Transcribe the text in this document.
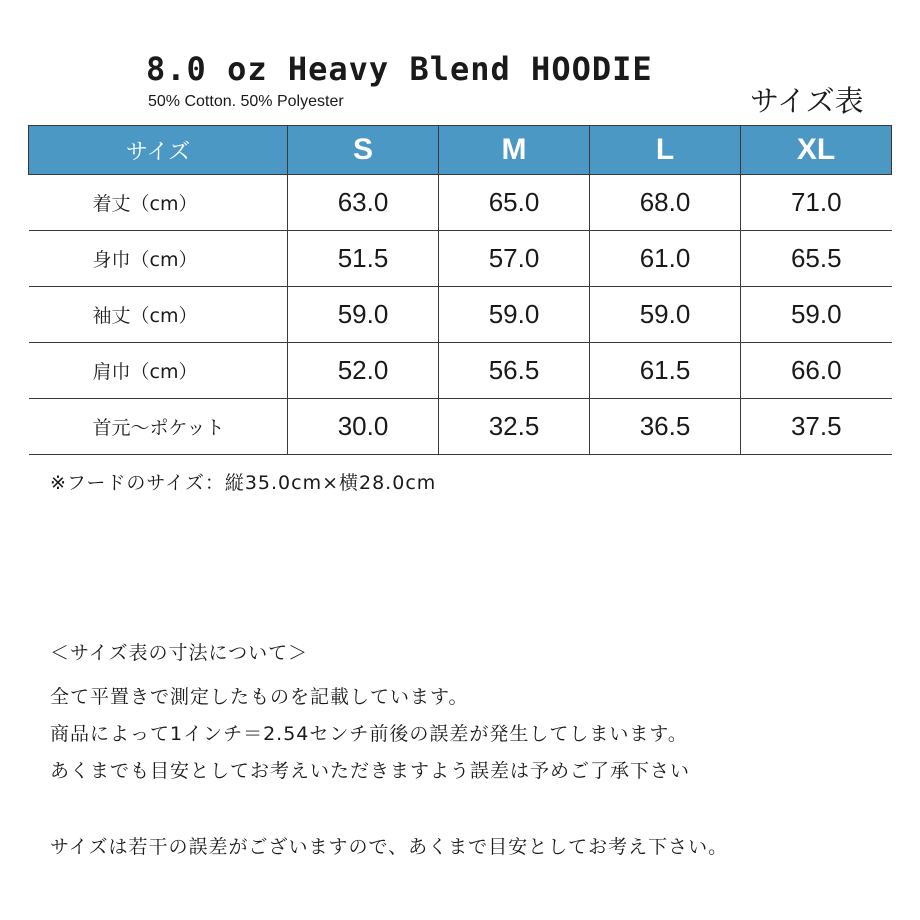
8.0 oz Heavy Blend HOODIE
50% Cotton. 50% Polyester	サイズ表
サイズ	S	M	L	XL
着丈（cm）	63.0	65.0	68.0	71.0
身巾（cm）	51.5	57.0	61.0	65.5
袖丈（cm）	59.0	59.0	59.0	59.0
肩巾（cm）	52.0	56.5	61.5	66.0
首元～ポケット	30.0	32.5	36.5	37.5
※フードのサイズ：縦35.0cm×横28.0cm
＜サイズ表の寸法について＞
全て平置きで測定したものを記載しています。
商品によって1インチ＝2.54センチ前後の誤差が発生してしまいます。
あくまでも目安としてお考えいただきますよう誤差は予めご了承下さい
サイズは若干の誤差がございますので、あくまで目安としてお考え下さい。
